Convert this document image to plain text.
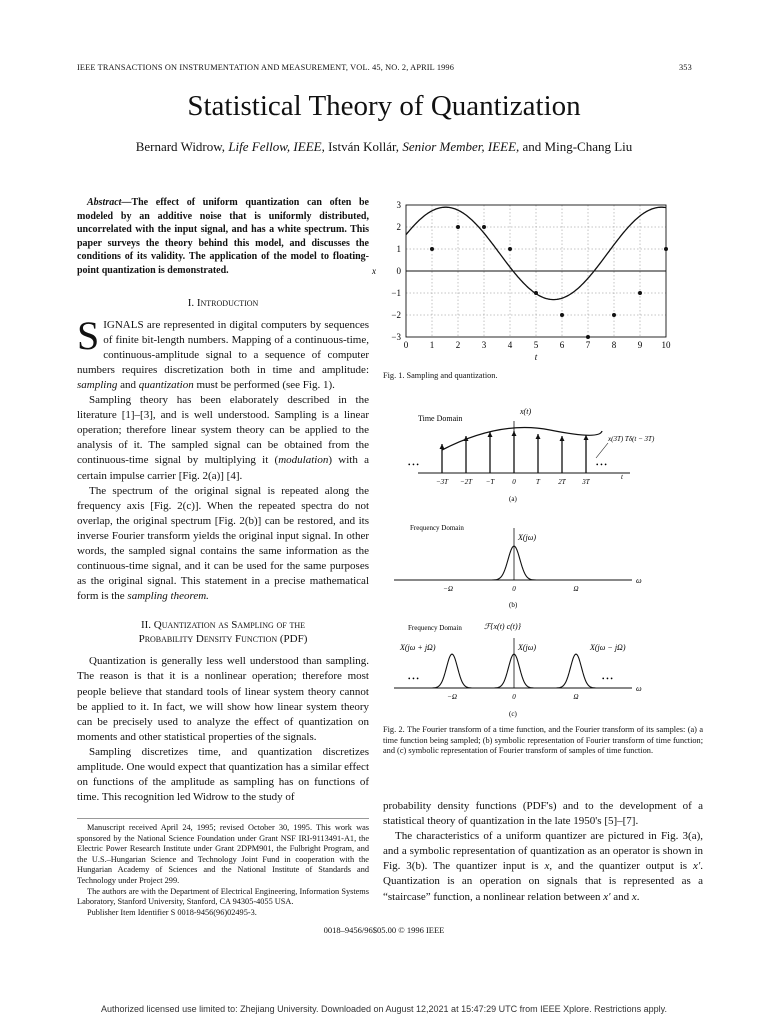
IEEE TRANSACTIONS ON INSTRUMENTATION AND MEASUREMENT, VOL. 45, NO. 2, APRIL 1996	353
Statistical Theory of Quantization
Bernard Widrow, Life Fellow, IEEE, István Kollár, Senior Member, IEEE, and Ming-Chang Liu
Abstract—The effect of uniform quantization can often be modeled by an additive noise that is uniformly distributed, uncorrelated with the input signal, and has a white spectrum. This paper surveys the theory behind this model, and discusses the conditions of its validity. The application of the model to floating-point quantization is demonstrated.
I. Introduction

SIGNALS are represented in digital computers by sequences of finite bit-length numbers. Mapping of a continuous-time, continuous-amplitude signal to a sequence of computer numbers requires discretization both in time and amplitude: sampling and quantization must be performed (see Fig. 1).

Sampling theory has been elaborately described in the literature [1]–[3], and is well understood. Sampling is a linear operation; therefore linear system theory can be applied to the analysis of it. The sampled signal can be obtained from the continuous-time signal by multiplying it (modulation) with a certain impulse carrier [Fig. 2(a)] [4].

The spectrum of the original signal is repeated along the frequency axis [Fig. 2(c)]. When the repeated spectra do not overlap, the original spectrum [Fig. 2(b)] can be restored, and its inverse Fourier transform yields the original input signal. In other words, the sampled signal contains the same information as the continuous-time signal, and it can be used for the same purposes as the original signal. This statement in a precise mathematical form is the sampling theorem.

II. Quantization as Sampling of the
Probability Density Function (PDF)

Quantization is generally less well understood than sampling. The reason is that it is a nonlinear operation; therefore most people believe that standard tools of linear system theory cannot be applied to it. In fact, we will show how linear system theory can be precisely used to analyze the effect of quantization on moments and other statistical properties of the signals.

Sampling discretizes time, and quantization discretizes amplitude. One would expect that quantization has a similar effect on functions of the amplitude as sampling has on functions of time. This recognition led Widrow to the study of

Manuscript received April 24, 1995; revised October 30, 1995. This work was sponsored by the National Science Foundation under Grant NSF IRI-9113491-A1, the Electric Power Research Institute under Grant 2DPM901, the Fulbright Program, and the U.S.–Hungarian Science and Technology Joint Fund in cooperation with the Hungarian Academy of Sciences and the National Institute of Standards and Technology under Project 299.

The authors are with the Department of Electrical Engineering, Information Systems Laboratory, Stanford University, Stanford, CA 94305-4055 USA.

Publisher Item Identifier S 0018-9456(96)02495-3.

0 1 2 3 4 5 6 7 8 9 10
3
2
1
0
−1
−2
−3
t
x
Fig. 1. Sampling and quantization.
Time Domain
x(t)
• • •	• • •
x(3T) Tδ(t − 3T)
−3T −2T −T	0	T	2T 3T
t
(a)
Frequency Domain
X(jω)
−Ω	0	Ω
ω
(b)
Frequency Domain	ℱ{x(t) c(t)}
X(jω + jΩ)	X(jω)	X(jω − jΩ)
• • •	• • •
−Ω	0	Ω
ω
(c)
Fig. 2. The Fourier transform of a time function, and the Fourier transform of its samples: (a) a time function being sampled; (b) symbolic representation of Fourier transform of time function; and (c) symbolic representation of Fourier transform of samples of time function.

probability density functions (PDF's) and to the development of a statistical theory of quantization in the late 1950's [5]–[7].

The characteristics of a uniform quantizer are pictured in Fig. 3(a), and a symbolic representation of quantization as an operator is shown in Fig. 3(b). The quantizer input is x, and the quantizer output is x′. Quantization is an operation on signals that is represented as a “staircase” function, a nonlinear relation between x′ and x.

0018–9456/96$05.00 © 1996 IEEE
Authorized licensed use limited to: Zhejiang University. Downloaded on August 12,2021 at 15:47:29 UTC from IEEE Xplore. Restrictions apply.
